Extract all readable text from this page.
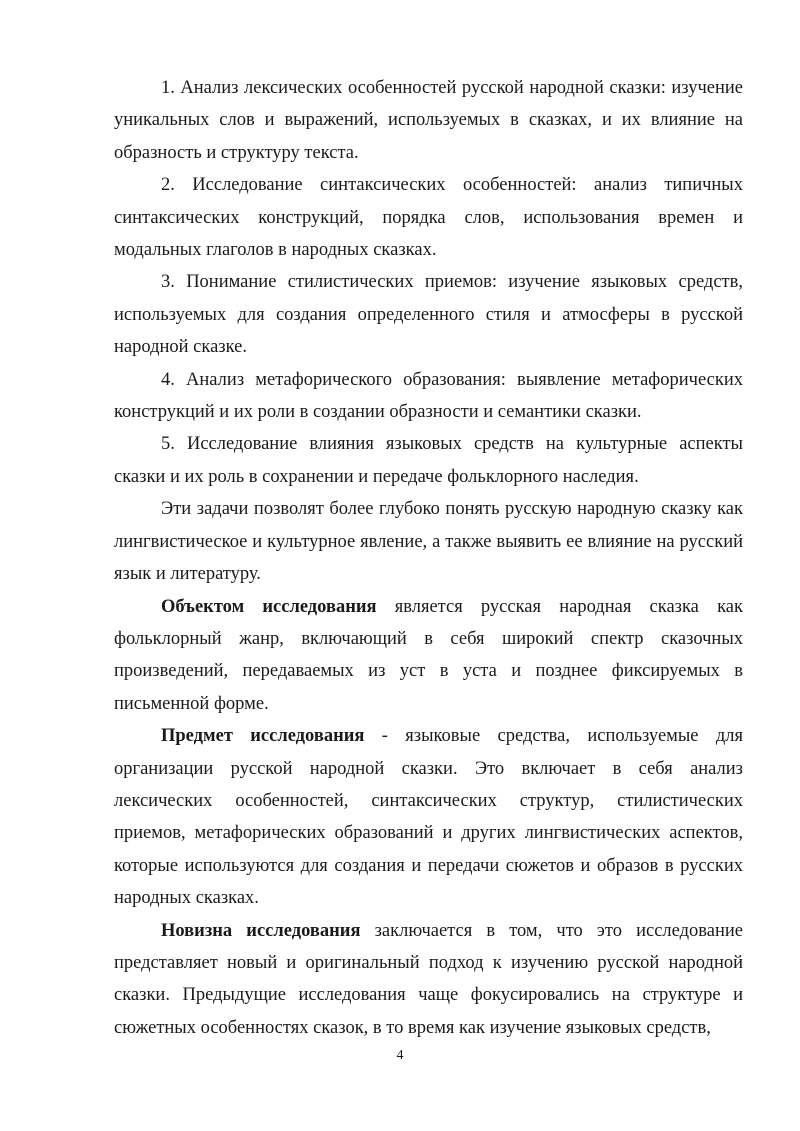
1. Анализ лексических особенностей русской народной сказки: изучение уникальных слов и выражений, используемых в сказках, и их влияние на образность и структуру текста.

2. Исследование синтаксических особенностей: анализ типичных синтаксических конструкций, порядка слов, использования времен и модальных глаголов в народных сказках.

3. Понимание стилистических приемов: изучение языковых средств, используемых для создания определенного стиля и атмосферы в русской народной сказке.

4. Анализ метафорического образования: выявление метафорических конструкций и их роли в создании образности и семантики сказки.

5. Исследование влияния языковых средств на культурные аспекты сказки и их роль в сохранении и передаче фольклорного наследия.

Эти задачи позволят более глубоко понять русскую народную сказку как лингвистическое и культурное явление, а также выявить ее влияние на русский язык и литературу.

Объектом исследования является русская народная сказка как фольклорный жанр, включающий в себя широкий спектр сказочных произведений, передаваемых из уст в уста и позднее фиксируемых в письменной форме.

Предмет исследования - языковые средства, используемые для организации русской народной сказки. Это включает в себя анализ лексических особенностей, синтаксических структур, стилистических приемов, метафорических образований и других лингвистических аспектов, которые используются для создания и передачи сюжетов и образов в русских народных сказках.

Новизна исследования заключается в том, что это исследование представляет новый и оригинальный подход к изучению русской народной сказки. Предыдущие исследования чаще фокусировались на структуре и сюжетных особенностях сказок, в то время как изучение языковых средств,

4
